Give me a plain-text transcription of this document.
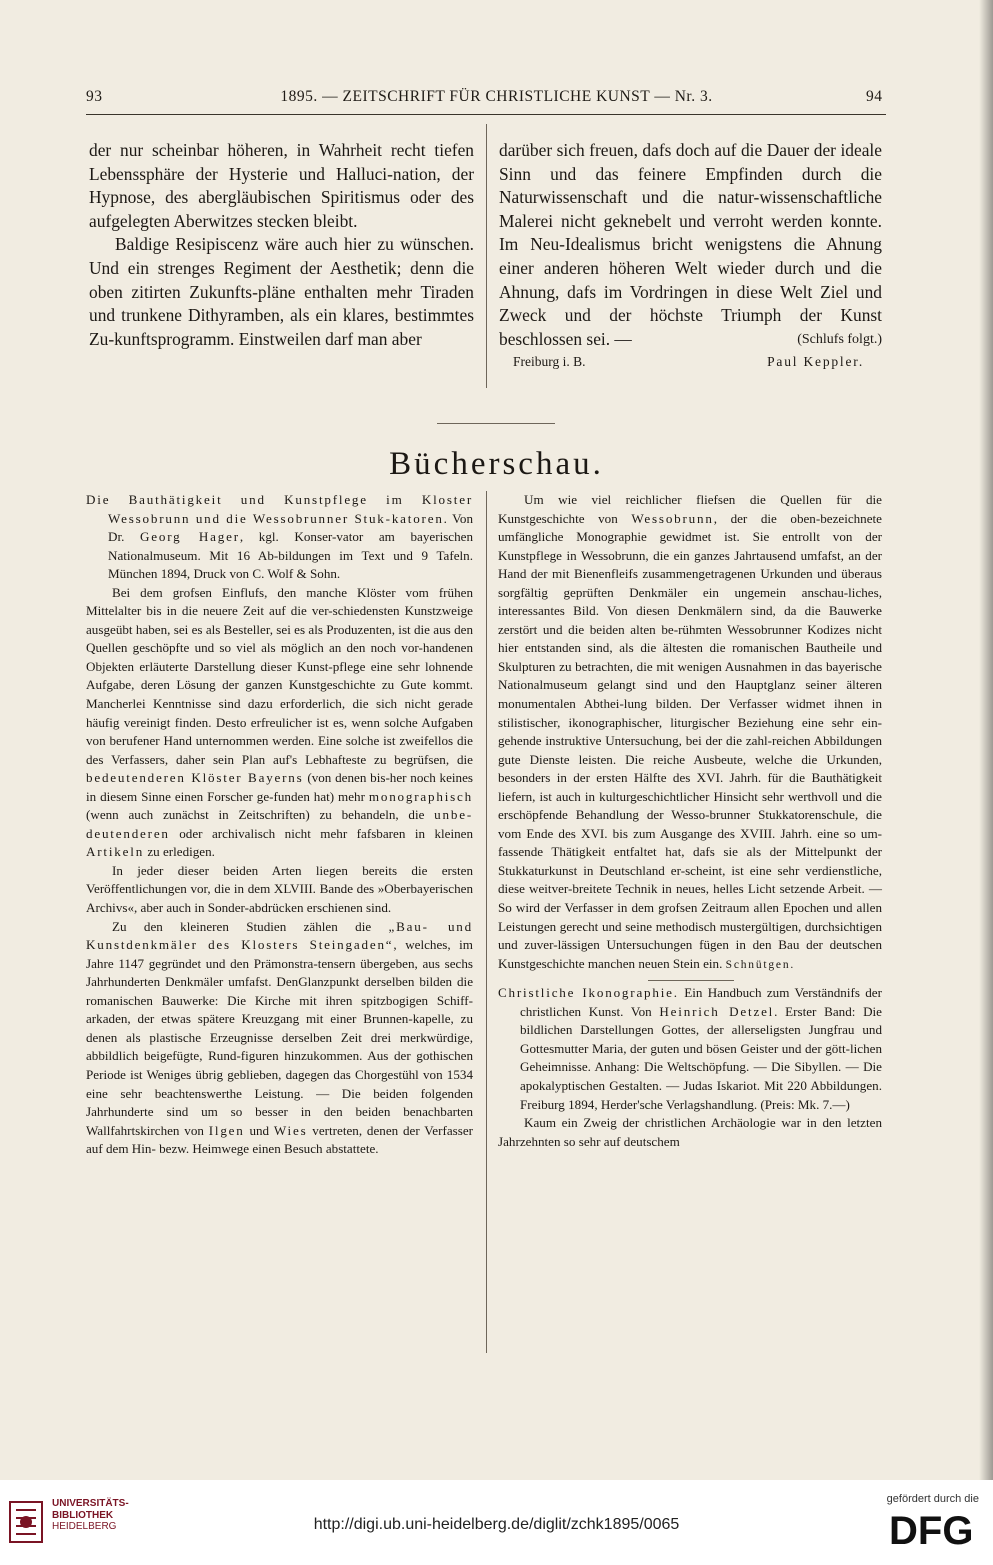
93	1895. — ZEITSCHRIFT FÜR CHRISTLICHE KUNST — Nr. 3.	94

der nur scheinbar höheren, in Wahrheit recht tiefen Lebenssphäre der Hysterie und Halluci-nation, der Hypnose, des abergläubischen Spiritismus oder des aufgelegten Aberwitzes stecken bleibt.

Baldige Resipiscenz wäre auch hier zu wünschen. Und ein strenges Regiment der Aesthetik; denn die oben zitirten Zukunfts-pläne enthalten mehr Tiraden und trunkene Dithyramben, als ein klares, bestimmtes Zu-kunftsprogramm. Einstweilen darf man aber

darüber sich freuen, dafs doch auf die Dauer der ideale Sinn und das feinere Empfinden durch die Naturwissenschaft und die natur-wissenschaftliche Malerei nicht geknebelt und verroht werden konnte. Im Neu-Idealismus bricht wenigstens die Ahnung einer anderen höheren Welt wieder durch und die Ahnung, dafs im Vordringen in diese Welt Ziel und Zweck und der höchste Triumph der Kunst beschlossen sei. —	(Schlufs folgt.)

Freiburg i. B.	Paul Keppler.
Bücherschau.

Die Bauthätigkeit und Kunstpflege im Kloster Wessobrunn und die Wessobrunner Stuk-katoren. Von Dr. Georg Hager, kgl. Konser-vator am bayerischen Nationalmuseum. Mit 16 Ab-bildungen im Text und 9 Tafeln. München 1894, Druck von C. Wolf & Sohn.

Bei dem grofsen Einflufs, den manche Klöster vom frühen Mittelalter bis in die neuere Zeit auf die ver-schiedensten Kunstzweige ausgeübt haben, sei es als Besteller, sei es als Produzenten, ist die aus den Quellen geschöpfte und so viel als möglich an den noch vor-handenen Objekten erläuterte Darstellung dieser Kunst-pflege eine sehr lohnende Aufgabe, deren Lösung der ganzen Kunstgeschichte zu Gute kommt. Mancherlei Kenntnisse sind dazu erforderlich, die sich nicht gerade häufig vereinigt finden. Desto erfreulicher ist es, wenn solche Aufgaben von berufener Hand unternommen werden. Eine solche ist zweifellos die des Verfassers, daher sein Plan auf's Lebhafteste zu begrüfsen, die bedeutenderen Klöster Bayerns (von denen bis-her noch keines in diesem Sinne einen Forscher ge-funden hat) mehr monographisch (wenn auch zunächst in Zeitschriften) zu behandeln, die unbe-deutenderen oder archivalisch nicht mehr fafsbaren in kleinen Artikeln zu erledigen.

In jeder dieser beiden Arten liegen bereits die ersten Veröffentlichungen vor, die in dem XLVIII. Bande des »Oberbayerischen Archivs«, aber auch in Sonder-abdrücken erschienen sind.

Zu den kleineren Studien zählen die „Bau- und Kunstdenkmäler des Klosters Steingaden“, welches, im Jahre 1147 gegründet und den Prämonstra-tensern übergeben, aus sechs Jahrhunderten Denkmäler umfafst. DenGlanzpunkt derselben bilden die romanischen Bauwerke: Die Kirche mit ihren spitzbogigen Schiff-arkaden, der etwas spätere Kreuzgang mit einer Brunnen-kapelle, zu denen als plastische Erzeugnisse derselben Zeit drei merkwürdige, abbildlich beigefügte, Rund-figuren hinzukommen. Aus der gothischen Periode ist Weniges übrig geblieben, dagegen das Chorgestühl von 1534 eine sehr beachtenswerthe Leistung. — Die beiden folgenden Jahrhunderte sind um so besser in den beiden benachbarten Wallfahrtskirchen von Ilgen und Wies vertreten, denen der Verfasser auf dem Hin- bezw. Heimwege einen Besuch abstattete.

Um wie viel reichlicher fliefsen die Quellen für die Kunstgeschichte von Wessobrunn, der die oben-bezeichnete umfängliche Monographie gewidmet ist. Sie entrollt von der Kunstpflege in Wessobrunn, die ein ganzes Jahrtausend umfafst, an der Hand der mit Bienenfleifs zusammengetragenen Urkunden und überaus sorgfältig geprüften Denkmäler ein ungemein anschau-liches, interessantes Bild. Von diesen Denkmälern sind, da die Bauwerke zerstört und die beiden alten be-rühmten Wessobrunner Kodizes nicht hier entstanden sind, als die ältesten die romanischen Bautheile und Skulpturen zu betrachten, die mit wenigen Ausnahmen in das bayerische Nationalmuseum gelangt sind und den Hauptglanz seiner älteren monumentalen Abthei-lung bilden. Der Verfasser widmet ihnen in stilistischer, ikonographischer, liturgischer Beziehung eine sehr ein-gehende instruktive Untersuchung, bei der die zahl-reichen Abbildungen gute Dienste leisten. Die reiche Ausbeute, welche die Urkunden, besonders in der ersten Hälfte des XVI. Jahrh. für die Bauthätigkeit liefern, ist auch in kulturgeschichtlicher Hinsicht sehr werthvoll und die erschöpfende Behandlung der Wesso-brunner Stukkatorenschule, die vom Ende des XVI. bis zum Ausgange des XVIII. Jahrh. eine so um-fassende Thätigkeit entfaltet hat, dafs sie als der Mittelpunkt der Stukkaturkunst in Deutschland er-scheint, ist eine sehr verdienstliche, diese weitver-breitete Technik in neues, helles Licht setzende Arbeit. — So wird der Verfasser in dem grofsen Zeitraum allen Epochen und allen Leistungen gerecht und seine methodisch mustergültigen, durchsichtigen und zuver-lässigen Untersuchungen fügen in den Bau der deutschen Kunstgeschichte manchen neuen Stein ein. Schnütgen.

Christliche Ikonographie. Ein Handbuch zum Verständnifs der christlichen Kunst. Von Heinrich Detzel. Erster Band: Die bildlichen Darstellungen Gottes, der allerseligsten Jungfrau und Gottesmutter Maria, der guten und bösen Geister und der gött-lichen Geheimnisse. Anhang: Die Weltschöpfung. — Die Sibyllen. — Die apokalyptischen Gestalten. — Judas Iskariot. Mit 220 Abbildungen. Freiburg 1894, Herder'sche Verlagshandlung. (Preis: Mk. 7.—)

Kaum ein Zweig der christlichen Archäologie war in den letzten Jahrzehnten so sehr auf deutschem

UNIVERSITÄTS-
BIBLIOTHEK
HEIDELBERG	http://digi.ub.uni-heidelberg.de/diglit/zchk1895/0065
gefördert durch die
DFG
